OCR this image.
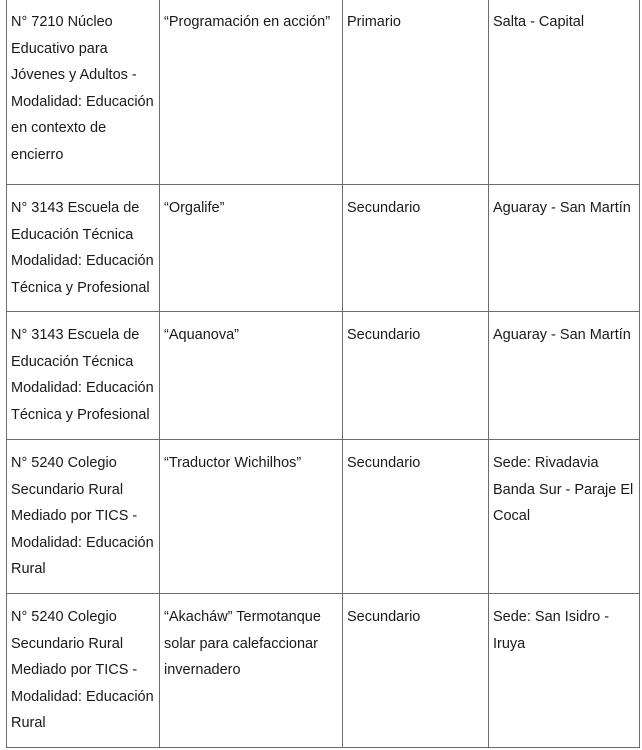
N° 7210 Núcleo Educativo para Jóvenes y Adultos - Modalidad: Educación en contexto de encierro	“Programación en acción”	Primario	Salta - Capital
N° 3143 Escuela de Educación Técnica Modalidad: Educación Técnica y Profesional	“Orgalife”	Secundario	Aguaray - San Martín
N° 3143 Escuela de Educación Técnica Modalidad: Educación Técnica y Profesional	“Aquanova”	Secundario	Aguaray - San Martín
N° 5240 Colegio Secundario Rural Mediado por TICS - Modalidad: Educación Rural	“Traductor Wichilhos”	Secundario	Sede: Rivadavia Banda Sur - Paraje El Cocal
N° 5240 Colegio Secundario Rural Mediado por TICS - Modalidad: Educación Rural	“Akacháw” Termotanque solar para calefaccionar invernadero	Secundario	Sede: San Isidro - Iruya
